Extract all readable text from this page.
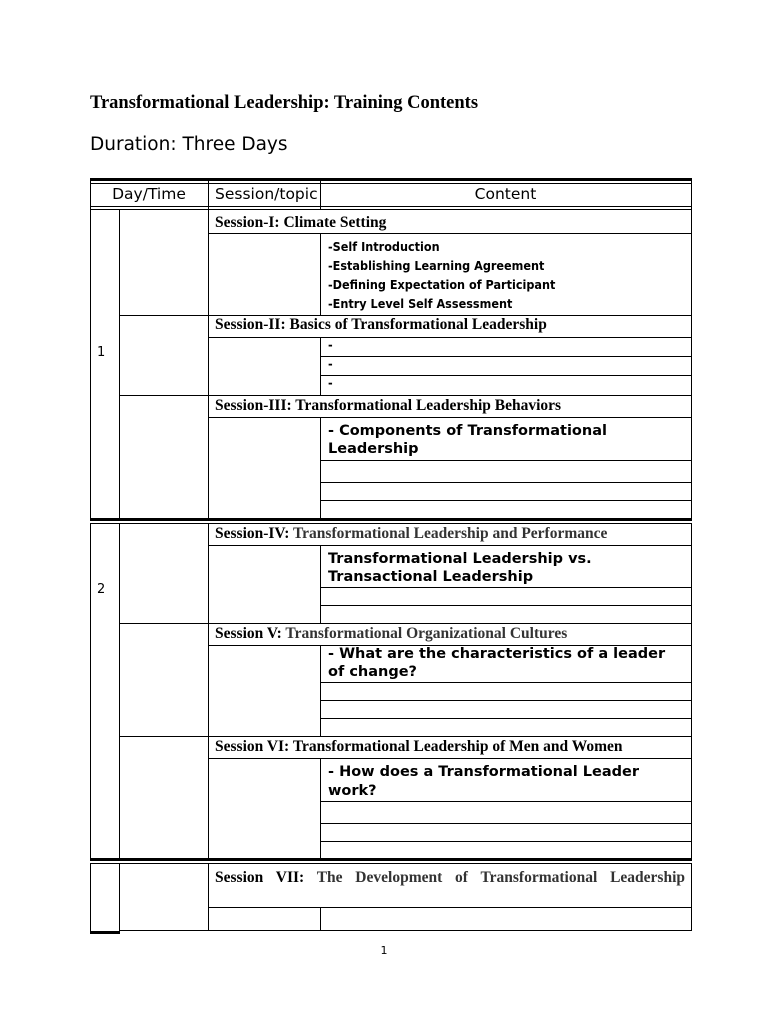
Transformational Leadership: Training Contents
Duration: Three Days
Day/Time	Session/topic	Content
1
2
Session-I: Climate Setting
Session-II: Basics of Transformational Leadership
Session-III: Transformational Leadership Behaviors
Session-IV: Transformational Leadership and Performance
Session V: Transformational Organizational Cultures
Session VI: Transformational Leadership of Men and Women
Session VII: The Development of Transformational Leadership
-Self Introduction
-Establishing Learning Agreement
-Defining Expectation of Participant
-Entry Level Self Assessment
-
-
-
- Components of Transformational
Leadership
Transformational Leadership vs.
Transactional Leadership
- What are the characteristics of a leader
of change?
- How does a Transformational Leader
work?
1
